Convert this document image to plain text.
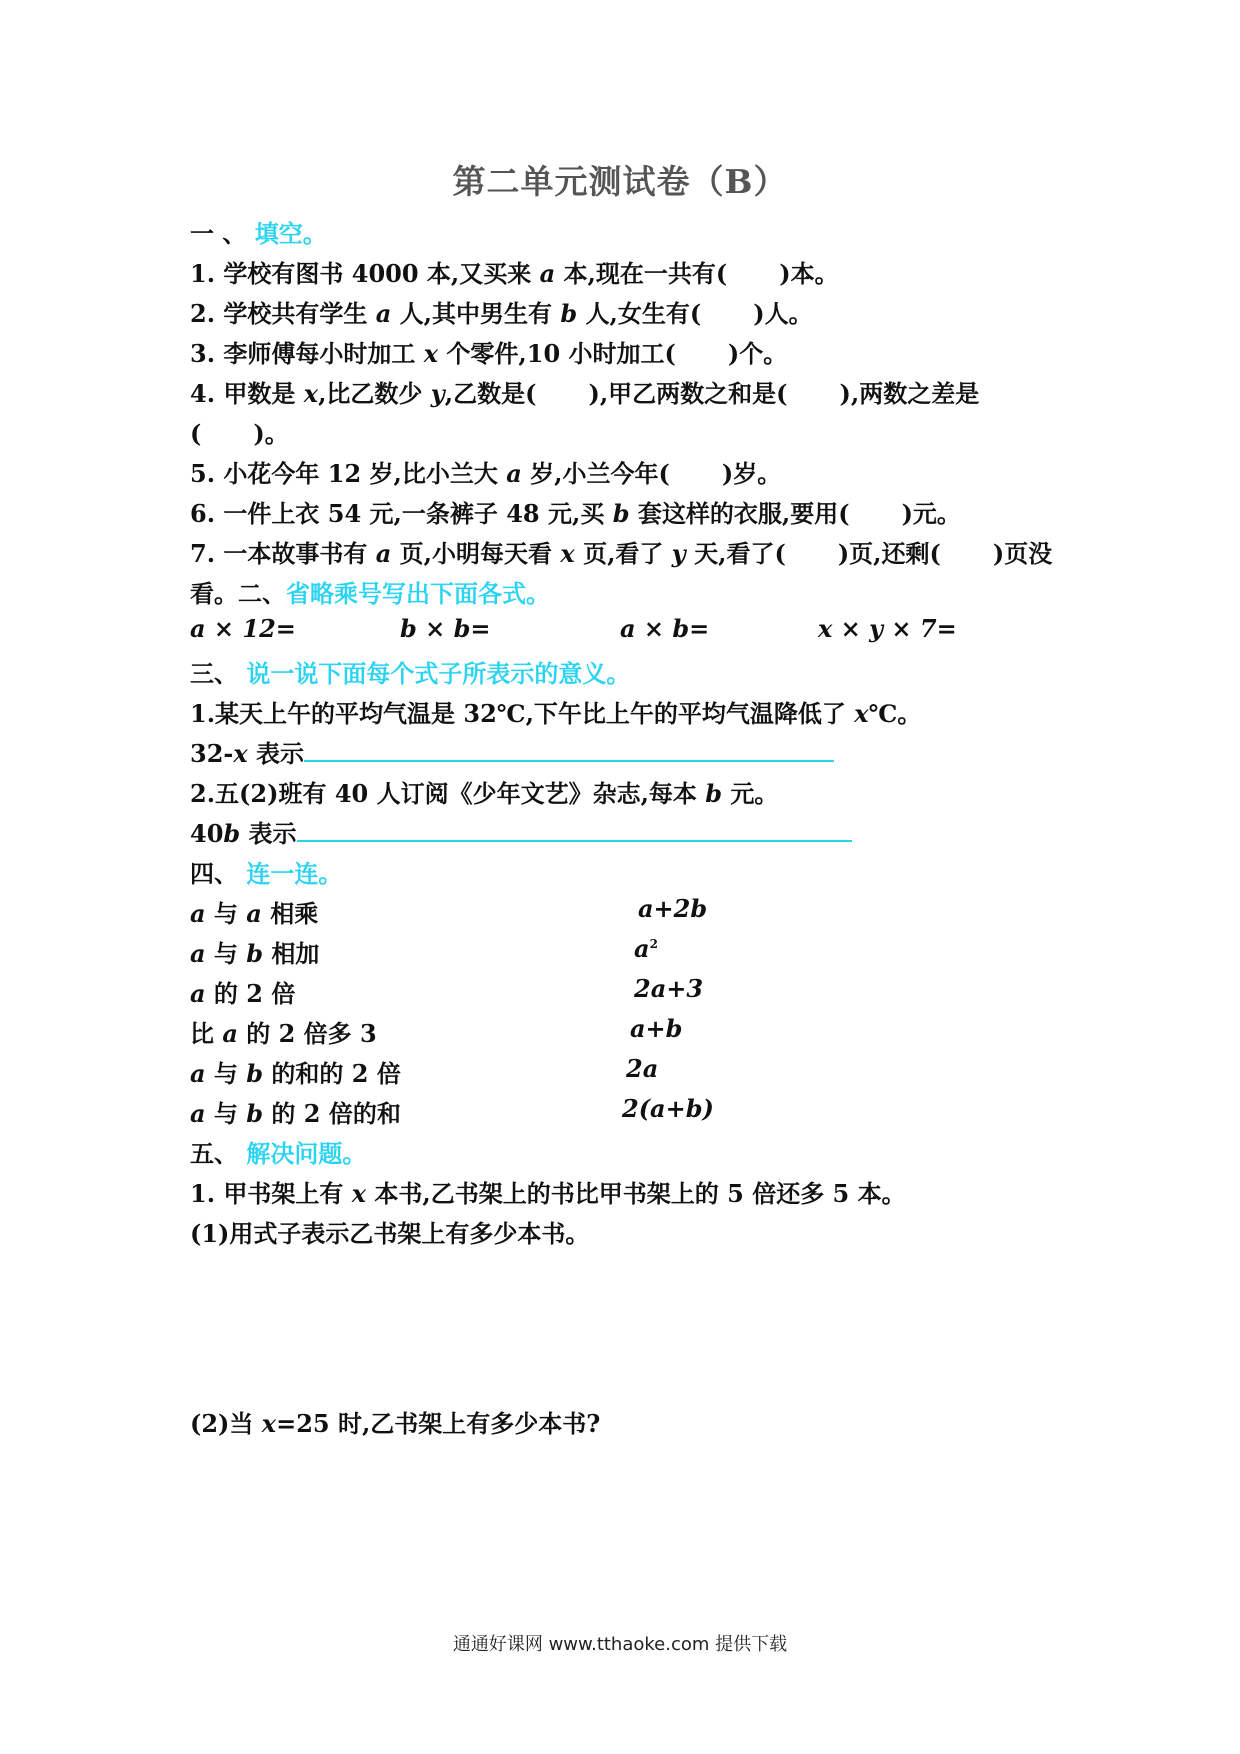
第二单元测试卷（B）
一 、 填空。
1. 学校有图书 4000 本,又买来 a 本,现在一共有( )本。
2. 学校共有学生 a 人,其中男生有 b 人,女生有( )人。
3. 李师傅每小时加工 x 个零件,10 小时加工( )个。
4. 甲数是 x,比乙数少 y,乙数是( ),甲乙两数之和是( ),两数之差是
( )。
5. 小花今年 12 岁,比小兰大 a 岁,小兰今年( )岁。
6. 一件上衣 54 元,一条裤子 48 元,买 b 套这样的衣服,要用( )元。
7. 一本故事书有 a 页,小明每天看 x 页,看了 y 天,看了( )页,还剩( )页没
看。二、省略乘号写出下面各式。
a × 12=	b × b=	a × b=	x × y × 7=
三、 说一说下面每个式子所表示的意义。
1.某天上午的平均气温是 32℃,下午比上午的平均气温降低了 x℃。
32-x 表示
2.五(2)班有 40 人订阅《少年文艺》杂志,每本 b 元。
40b 表示
四、 连一连。
a 与 a 相乘
a 与 b 相加
a 的 2 倍
比 a 的 2 倍多 3
a 与 b 的和的 2 倍
a 与 b 的 2 倍的和
a+2b
$a^2$
2a+3
a+b
2a
2(a+b)
五、 解决问题。
1. 甲书架上有 x 本书,乙书架上的书比甲书架上的 5 倍还多 5 本。
(1)用式子表示乙书架上有多少本书。
(2)当 x=25 时,乙书架上有多少本书?
通通好课网 www.tthaoke.com 提供下载
